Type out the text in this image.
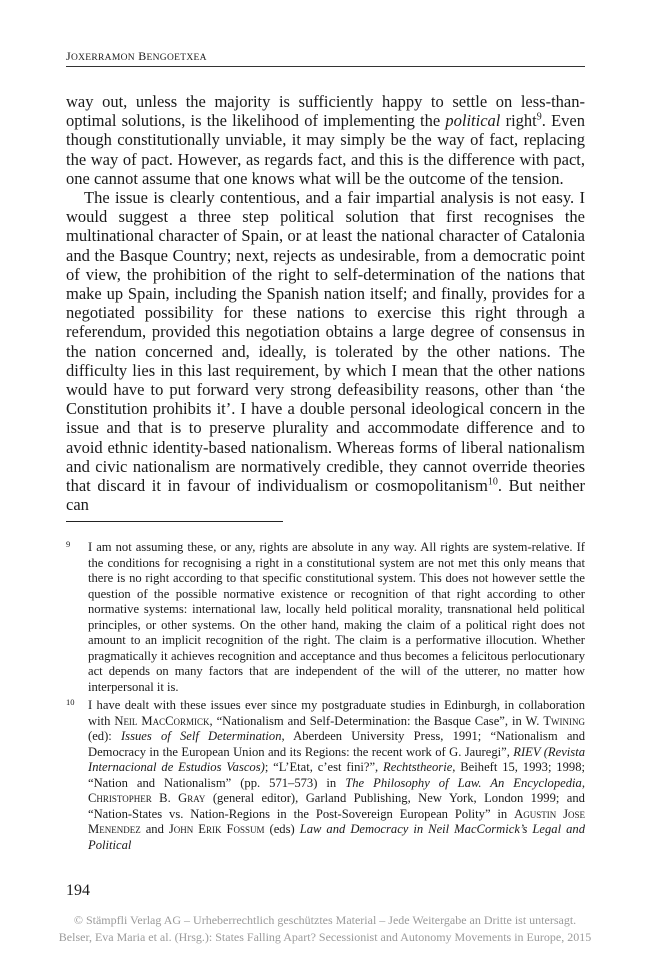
JOXERRAMON BENGOETXEA

way out, unless the majority is sufficiently happy to settle on less-than-optimal solutions, is the likelihood of implementing the political right$^9$. Even though constitutionally unviable, it may simply be the way of fact, replacing the way of pact. However, as regards fact, and this is the difference with pact, one cannot assume that one knows what will be the outcome of the tension.

The issue is clearly contentious, and a fair impartial analysis is not easy. I would suggest a three step political solution that first recognises the multinational character of Spain, or at least the national character of Catalonia and the Basque Country; next, rejects as undesirable, from a democratic point of view, the prohibition of the right to self-determination of the nations that make up Spain, including the Spanish nation itself; and finally, provides for a negotiated possibility for these nations to exercise this right through a referendum, provided this negotiation obtains a large degree of consensus in the nation concerned and, ideally, is tolerated by the other nations. The difficulty lies in this last requirement, by which I mean that the other nations would have to put forward very strong defeasibility reasons, other than ‘the Constitution prohibits it’. I have a double personal ideological concern in the issue and that is to preserve plurality and accommodate difference and to avoid ethnic identity-based nationalism. Whereas forms of liberal nationalism and civic nationalism are normatively credible, they cannot override theories that discard it in favour of individualism or cosmopolitanism$^{10}$. But neither can

9 I am not assuming these, or any, rights are absolute in any way. All rights are system-relative. If the conditions for recognising a right in a constitutional system are not met this only means that there is no right according to that specific constitutional system. This does not however settle the question of the possible normative existence or recognition of that right according to other normative systems: international law, locally held political morality, transnational held political principles, or other systems. On the other hand, making the claim of a political right does not amount to an implicit recognition of the right. The claim is a performative illocution. Whether pragmatically it achieves recognition and acceptance and thus becomes a felicitous perlocutionary act depends on many factors that are independent of the will of the utterer, no matter how interpersonal it is.
10 I have dealt with these issues ever since my postgraduate studies in Edinburgh, in collaboration with Neil MacCormick, “Nationalism and Self-Determination: the Basque Case”, in W. Twining (ed): Issues of Self Determination, Aberdeen University Press, 1991; “Nationalism and Democracy in the European Union and its Regions: the recent work of G. Jauregi”, RIEV (Revista Internacional de Estudios Vascos); “L’Etat, c’est fini?”, Rechtstheorie, Beiheft 15, 1993; 1998; “Nation and Nationalism” (pp. 571–573) in The Philosophy of Law. An Encyclopedia, Christopher B. Gray (general editor), Garland Publishing, New York, London 1999; and “Nation-States vs. Nation-Regions in the Post-Sovereign European Polity” in Agustin Jose Menendez and John Erik Fossum (eds) Law and Democracy in Neil MacCormick’s Legal and Political
194
© Stämpfli Verlag AG – Urheberrechtlich geschütztes Material – Jede Weitergabe an Dritte ist untersagt.
Belser, Eva Maria et al. (Hrsg.): States Falling Apart? Secessionist and Autonomy Movements in Europe, 2015
